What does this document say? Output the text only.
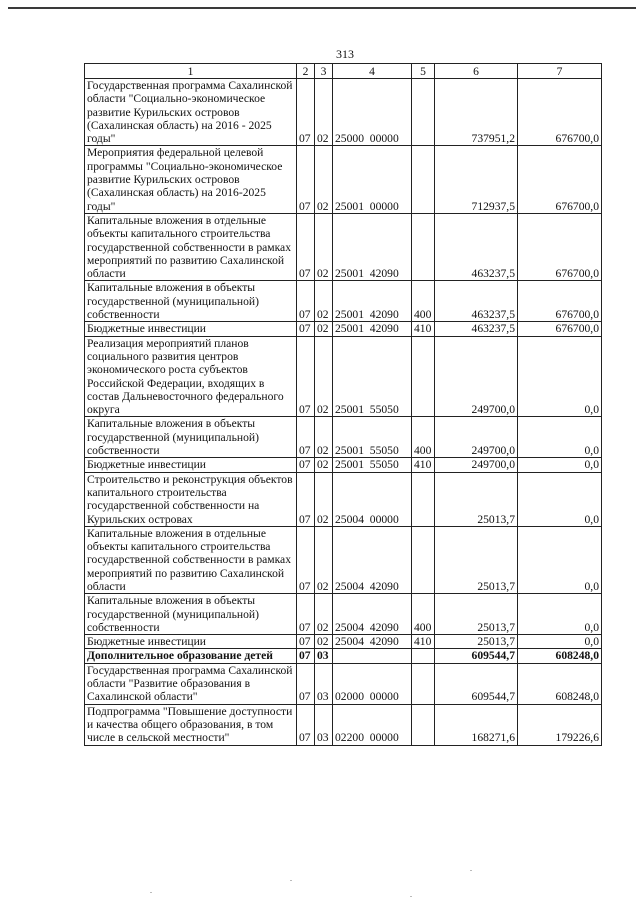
313
1	2	3	4	5	6	7
Государственная программа Сахалинской области "Социально-экономическое развитие Курильских островов (Сахалинская область) на 2016 - 2025 годы"	07	02	25000  00000		737951,2	676700,0
Мероприятия федеральной целевой программы "Социально-экономическое развитие Курильских островов (Сахалинская область) на 2016-2025 годы"	07	02	25001  00000		712937,5	676700,0
Капитальные вложения в отдельные объекты капитального строительства государственной собственности в рамках мероприятий по развитию Сахалинской области	07	02	25001  42090		463237,5	676700,0
Капитальные вложения в объекты государственной (муниципальной) собственности	07	02	25001  42090	400	463237,5	676700,0
Бюджетные инвестиции	07	02	25001  42090	410	463237,5	676700,0
Реализация мероприятий планов социального развития центров экономического роста субъектов Российской Федерации, входящих в состав Дальневосточного федерального округа	07	02	25001  55050		249700,0	0,0
Капитальные вложения в объекты государственной (муниципальной) собственности	07	02	25001  55050	400	249700,0	0,0
Бюджетные инвестиции	07	02	25001  55050	410	249700,0	0,0
Строительство и реконструкция объектов капитального строительства государственной собственности на Курильских островах	07	02	25004  00000		25013,7	0,0
Капитальные вложения в отдельные объекты капитального строительства государственной собственности в рамках мероприятий по развитию Сахалинской области	07	02	25004  42090		25013,7	0,0
Капитальные вложения в объекты государственной (муниципальной) собственности	07	02	25004  42090	400	25013,7	0,0
Бюджетные инвестиции	07	02	25004  42090	410	25013,7	0,0
Дополнительное образование детей	07	03			609544,7	608248,0
Государственная программа Сахалинской области "Развитие образования в Сахалинской области"	07	03	02000  00000		609544,7	608248,0
Подпрограмма "Повышение доступности и качества общего образования, в том числе в сельской местности"	07	03	02200  00000		168271,6	179226,6
